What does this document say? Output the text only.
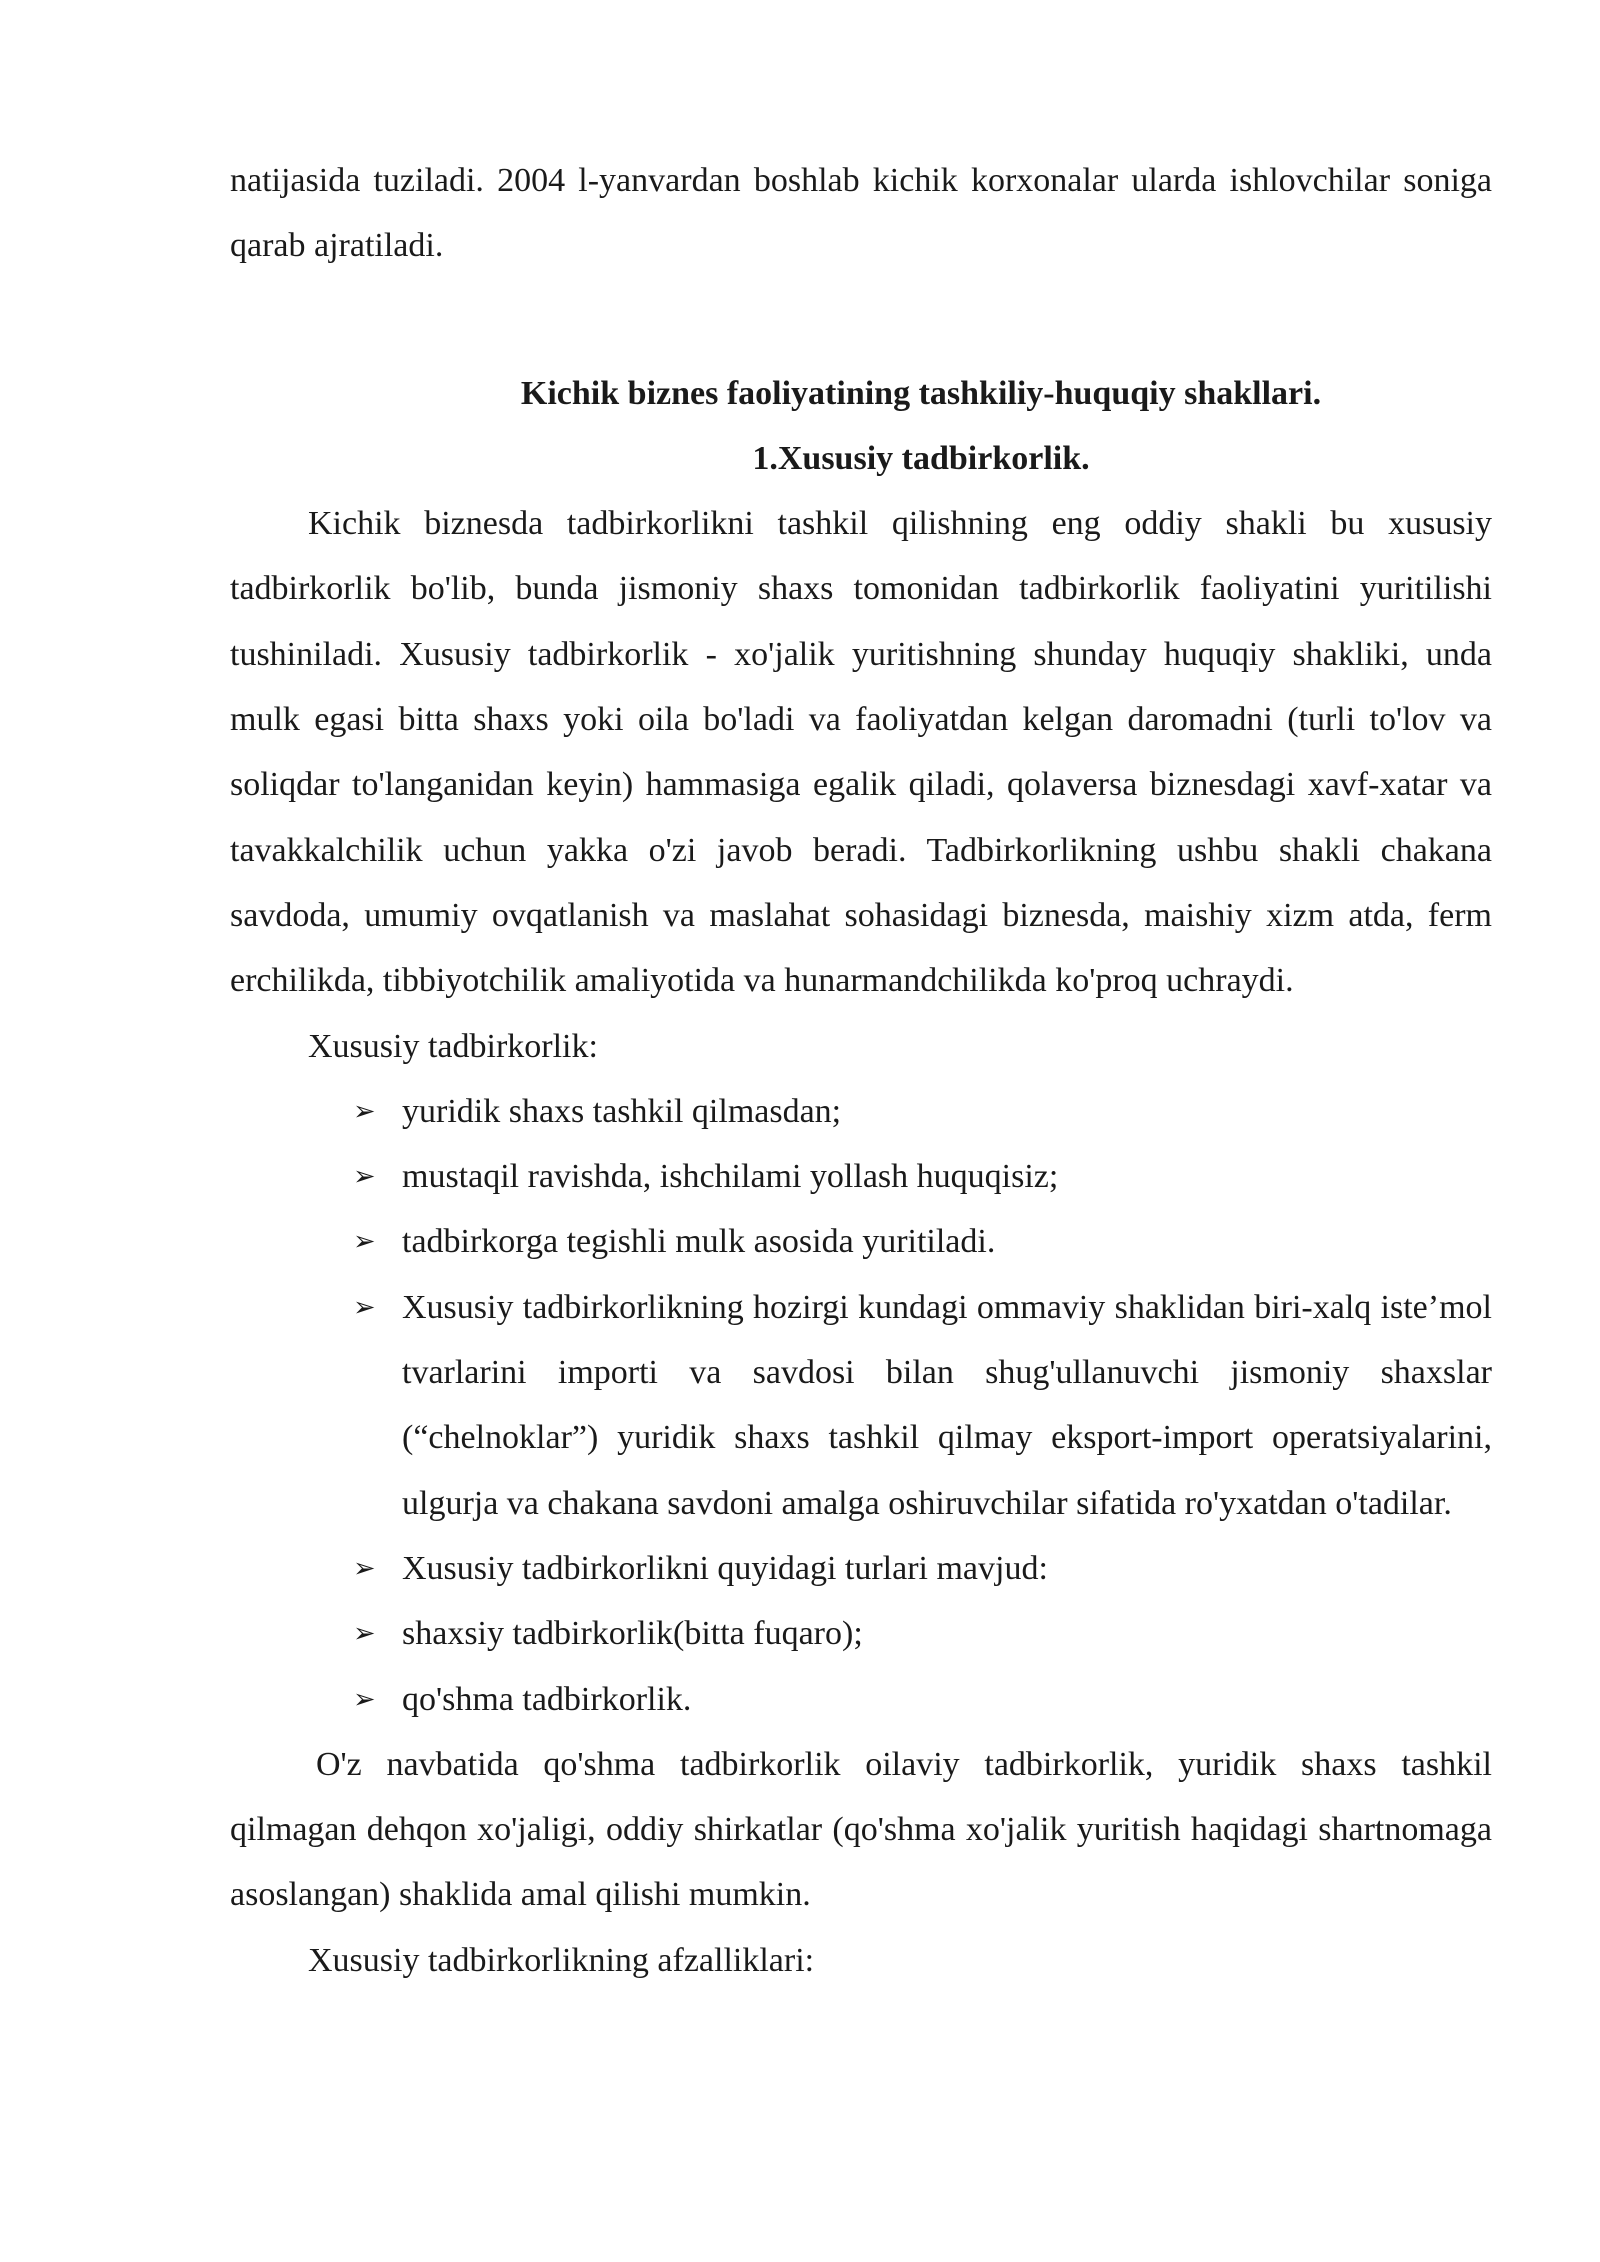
natijasida tuziladi. 2004 l-yanvardan boshlab kichik korxonalar ularda ishlovchilar soniga qarab ajratiladi.

Kichik biznes faoliyatining tashkiliy-huquqiy shakllari.
1.Xususiy tadbirkorlik.

Kichik biznesda tadbirkorlikni tashkil qilishning eng oddiy shakli bu xususiy tadbirkorlik bo'lib, bunda jismoniy shaxs tomonidan tadbirkorlik faoliyatini yuritilishi tushiniladi. Xususiy tadbirkorlik - xo'jalik yuritishning shunday huquqiy shakliki, unda mulk egasi bitta shaxs yoki oila bo'ladi va faoliyatdan kelgan daromadni (turli to'lov va soliqdar to'langanidan keyin) hammasiga egalik qiladi, qolaversa biznesdagi xavf-xatar va tavakkalchilik uchun yakka o'zi javob beradi. Tadbirkorlikning ushbu shakli chakana savdoda, umumiy ovqatlanish va maslahat sohasidagi biznesda, maishiy xizm atda, ferm erchilikda, tibbiyotchilik amaliyotida va hunarmandchilikda ko'proq uchraydi.

Xususiy tadbirkorlik:

➢ yuridik shaxs tashkil qilmasdan;
➢ mustaqil ravishda, ishchilami yollash huquqisiz;
➢ tadbirkorga tegishli mulk asosida yuritiladi.
➢ Xususiy tadbirkorlikning hozirgi kundagi ommaviy shaklidan biri-xalq iste’mol tvarlarini importi va savdosi bilan shug'ullanuvchi jismoniy shaxslar (“chelnoklar”) yuridik shaxs tashkil qilmay eksport-import operatsiyalarini, ulgurja va chakana savdoni amalga oshiruvchilar sifatida ro'yxatdan o'tadilar.
➢ Xususiy tadbirkorlikni quyidagi turlari mavjud:
➢ shaxsiy tadbirkorlik(bitta fuqaro);
➢ qo'shma tadbirkorlik.

O'z navbatida qo'shma tadbirkorlik oilaviy tadbirkorlik, yuridik shaxs tashkil qilmagan dehqon xo'jaligi, oddiy shirkatlar (qo'shma xo'jalik yuritish haqidagi shartnomaga asoslangan) shaklida amal qilishi mumkin.

Xususiy tadbirkorlikning afzalliklari:
